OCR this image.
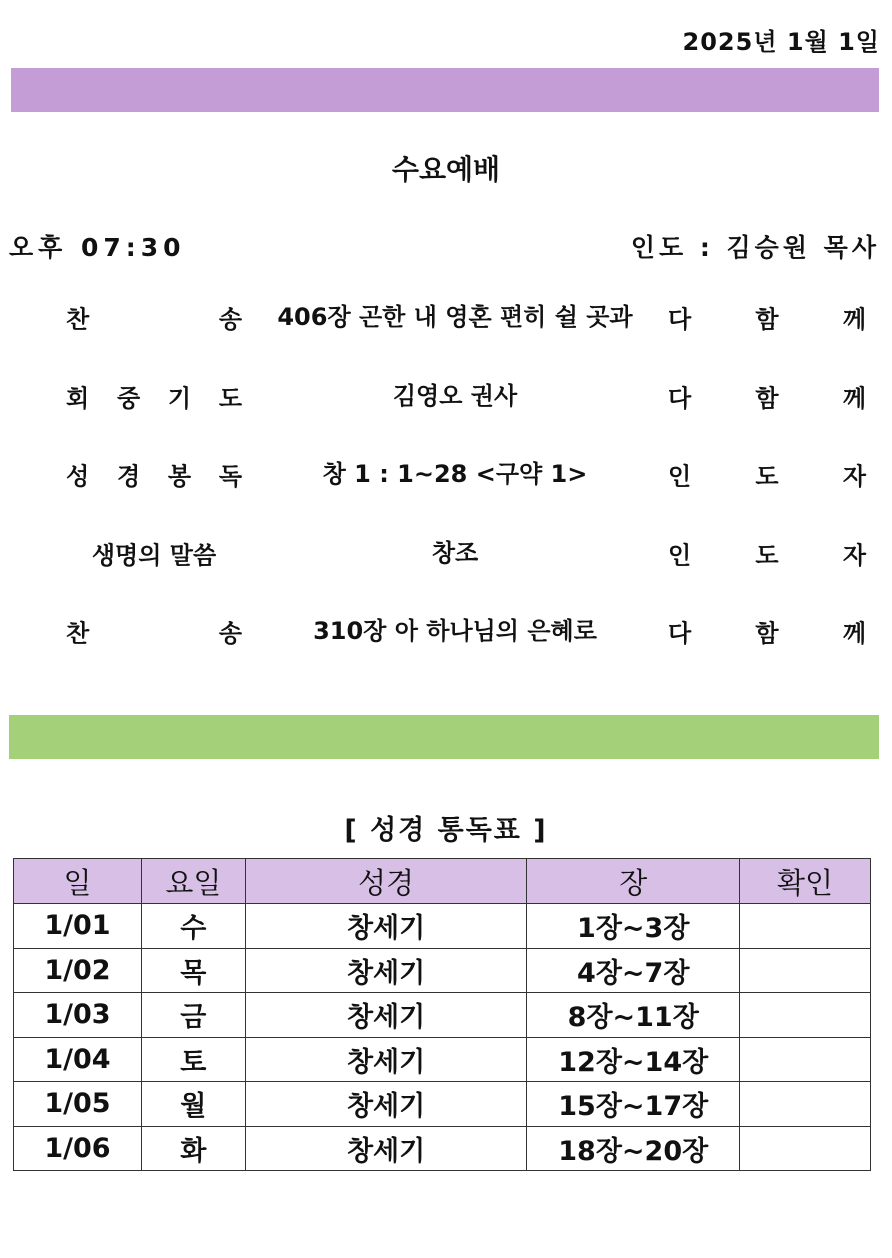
2025년 1월 1일
수요예배
오후 07:30	인도 : 김승원 목사
찬	송	406장 곤한 내 영혼 편히 쉴 곳과	다	함	께
회 중 기 도	김영오 권사	다	함	께
성 경 봉 독	창 1 : 1~28 <구약 1>	인	도	자
생명의 말씀	창조	인	도	자
찬	송	310장 아 하나님의 은혜로	다	함	께
[ 성경 통독표 ]
일	요일	성경	장	확인
1/01	수	창세기	1장~3장	
1/02	목	창세기	4장~7장	
1/03	금	창세기	8장~11장	
1/04	토	창세기	12장~14장	
1/05	월	창세기	15장~17장	
1/06	화	창세기	18장~20장	
